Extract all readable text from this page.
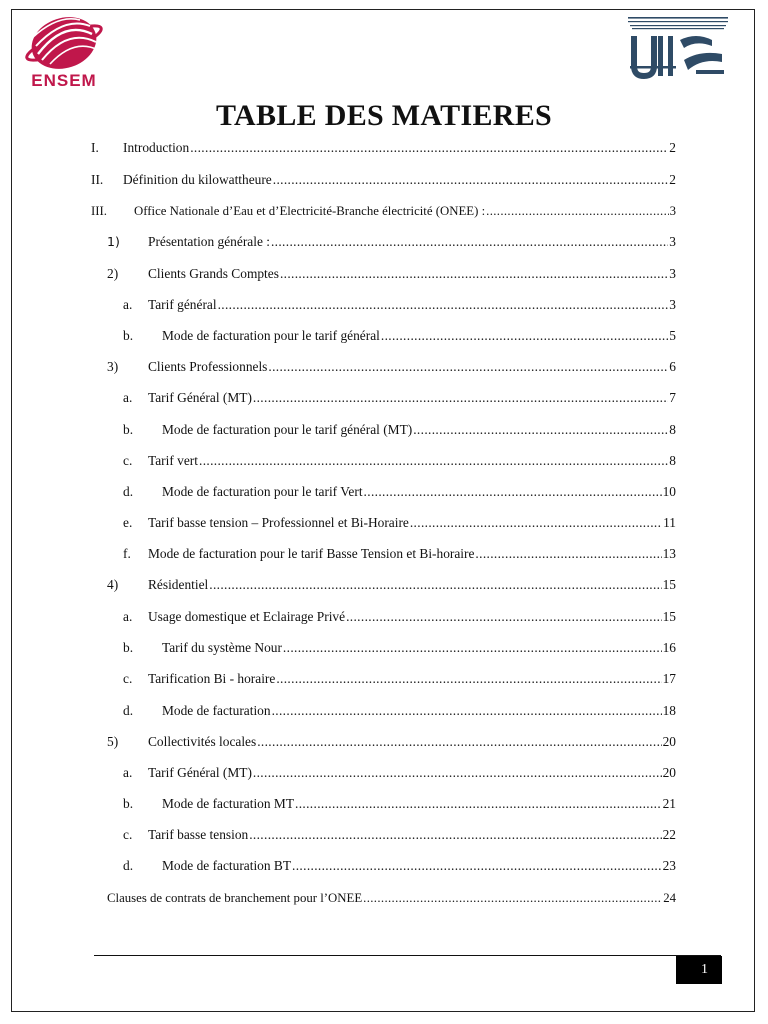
ENSEM
TABLE DES MATIERES
I.	Introduction .....	2
II.	Définition du kilowattheure .....	2
III.	Office Nationale d’Eau et d’Electricité-Branche électricité (ONEE) : .....	3
1)	Présentation générale : .....	3
2)	Clients Grands Comptes .....	3
a.	Tarif général .....	3
b.	Mode de facturation pour le tarif général .....	5
3)	Clients Professionnels .....	6
a.	Tarif Général (MT) .....	7
b.	Mode de facturation pour le tarif général (MT) .....	8
c.	Tarif vert .....	8
d.	Mode de facturation pour le tarif Vert .....	10
e.	Tarif basse tension – Professionnel et Bi-Horaire .....	11
f.	Mode de facturation pour le tarif Basse Tension et Bi-horaire .....	13
4)	Résidentiel .....	15
a.	Usage domestique et Eclairage Privé .....	15
b.	Tarif du système Nour .....	16
c.	Tarification Bi - horaire .....	17
d.	Mode de facturation .....	18
5)	Collectivités locales .....	20
a.	Tarif Général (MT) .....	20
b.	Mode de facturation MT .....	21
c.	Tarif basse tension .....	22
d.	Mode de facturation BT .....	23
Clauses de contrats de branchement pour l’ONEE .....	24
1
